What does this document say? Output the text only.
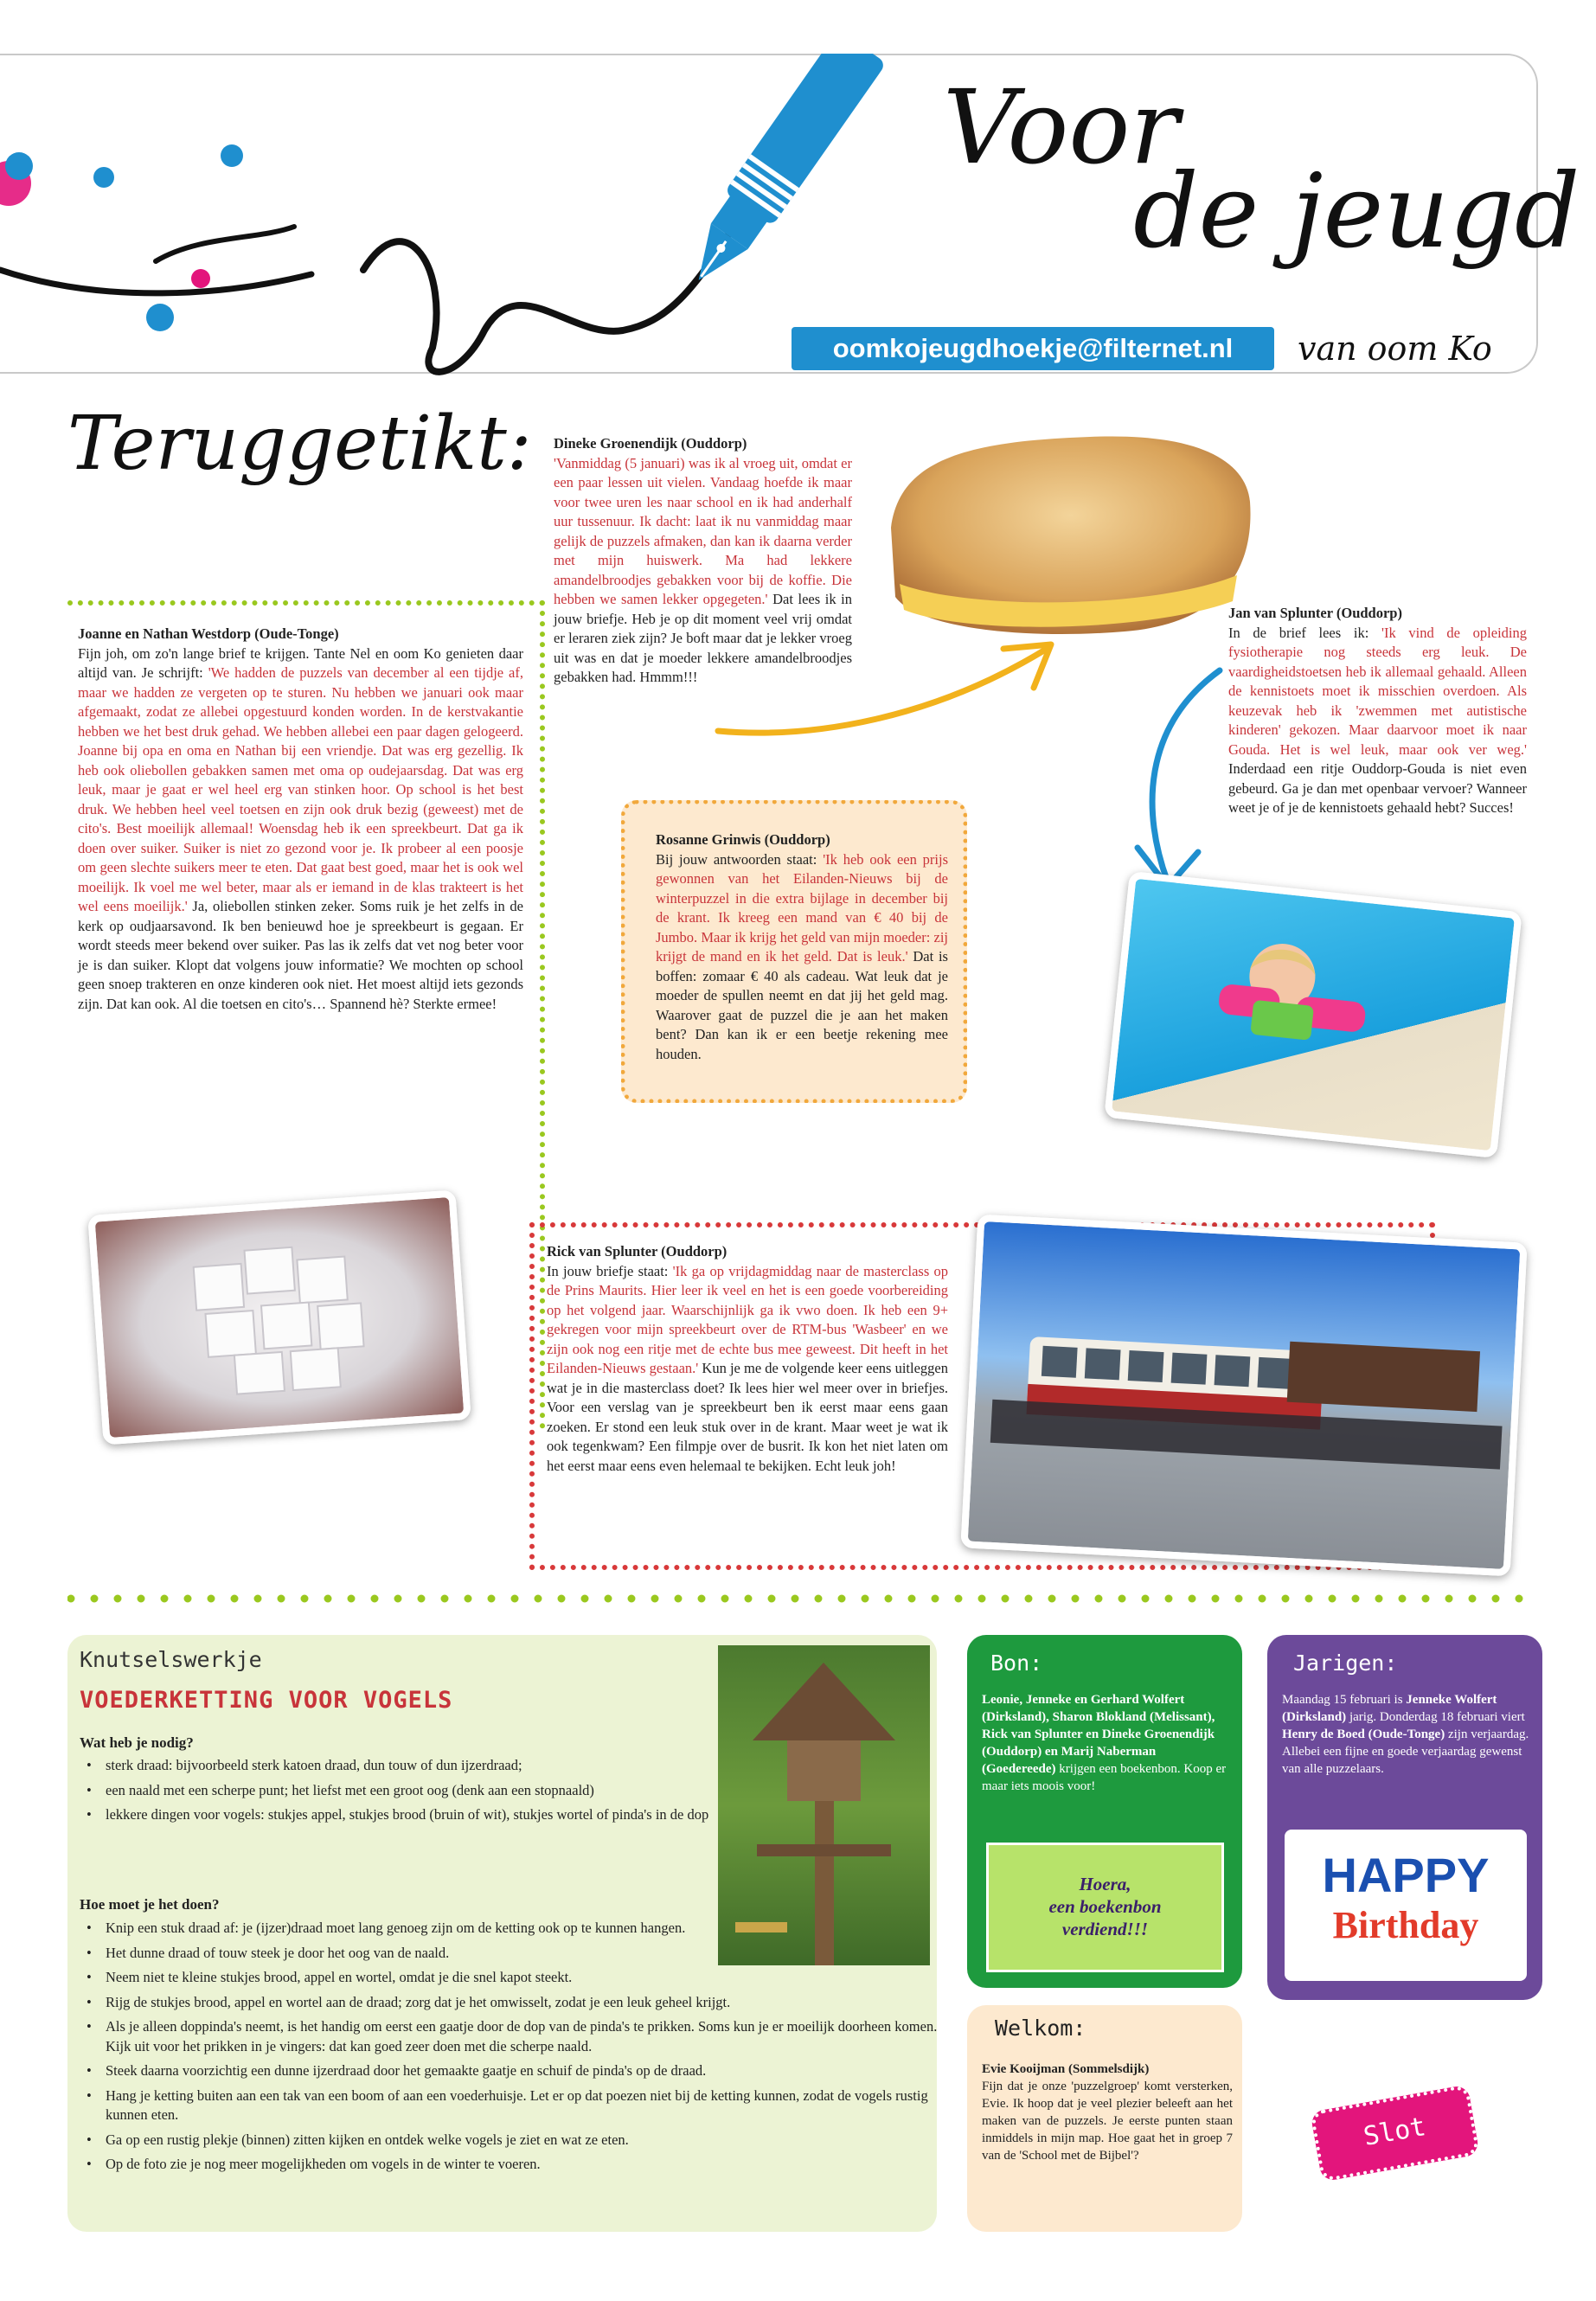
Voor
de jeugd
oomkojeugdhoekje@filternet.nl	van oom Ko
Teruggetikt:
Joanne en Nathan Westdorp (Oude-Tonge)
Fijn joh, om zo'n lange brief te krijgen. Tante Nel en oom Ko genieten daar altijd van. Je schrijft: 'We hadden de puzzels van december al een tijdje af, maar we hadden ze vergeten op te sturen. Nu hebben we januari ook maar afgemaakt, zodat ze allebei opgestuurd konden worden. In de kerstvakantie hebben we het best druk gehad. We hebben allebei een paar dagen gelogeerd. Joanne bij opa en oma en Nathan bij een vriendje. Dat was erg gezellig. Ik heb ook oliebollen gebakken samen met oma op oudejaarsdag. Dat was erg leuk, maar je gaat er wel heel erg van stinken hoor. Op school is het best druk. We hebben heel veel toetsen en zijn ook druk bezig (geweest) met de cito's. Best moeilijk allemaal! Woensdag heb ik een spreekbeurt. Dat ga ik doen over suiker. Suiker is niet zo gezond voor je. Ik probeer al een poosje om geen slechte suikers meer te eten. Dat gaat best goed, maar het is ook wel moeilijk. Ik voel me wel beter, maar als er iemand in de klas trakteert is het wel eens moeilijk.' Ja, oliebollen stinken zeker. Soms ruik je het zelfs in de kerk op oudjaarsavond. Ik ben benieuwd hoe je spreekbeurt is gegaan. Er wordt steeds meer bekend over suiker. Pas las ik zelfs dat vet nog beter voor je is dan suiker. Klopt dat volgens jouw informatie? We mochten op school geen snoep trakteren en onze kinderen ook niet. Het moest altijd iets gezonds zijn. Dat kan ook. Al die toetsen en cito's… Spannend hè? Sterkte ermee!
Dineke Groenendijk (Ouddorp)
'Vanmiddag (5 januari) was ik al vroeg uit, omdat er een paar lessen uit vielen. Vandaag hoefde ik maar voor twee uren les naar school en ik had anderhalf uur tussenuur. Ik dacht: laat ik nu vanmiddag maar gelijk de puzzels afmaken, dan kan ik daarna verder met mijn huiswerk. Ma had lekkere amandelbroodjes gebakken voor bij de koffie. Die hebben we samen lekker opgegeten.' Dat lees ik in jouw briefje. Heb je op dit moment veel vrij omdat er leraren ziek zijn? Je boft maar dat je lekker vroeg uit was en dat je moeder lekkere amandelbroodjes gebakken had. Hmmm!!!
Rosanne Grinwis (Ouddorp)
Bij jouw antwoorden staat: 'Ik heb ook een prijs gewonnen van het Eilanden-Nieuws bij de winterpuzzel in die extra bijlage in december bij de krant. Ik kreeg een mand van € 40 bij de Jumbo. Maar ik krijg het geld van mijn moeder: zij krijgt de mand en ik het geld. Dat is leuk.' Dat is boffen: zomaar € 40 als cadeau. Wat leuk dat je moeder de spullen neemt en dat jij het geld mag. Waarover gaat de puzzel die je aan het maken bent? Dan kan ik er een beetje rekening mee houden.
Jan van Splunter (Ouddorp)
In de brief lees ik: 'Ik vind de opleiding fysiotherapie nog steeds erg leuk. De vaardigheidstoetsen heb ik allemaal gehaald. Alleen de kennistoets moet ik misschien overdoen. Als keuzevak heb ik 'zwemmen met autistische kinderen' gekozen. Maar daarvoor moet ik naar Gouda. Het is wel leuk, maar ook ver weg.' Inderdaad een ritje Ouddorp-Gouda is niet even gebeurd. Ga je dan met openbaar vervoer? Wanneer weet je of je de kennistoets gehaald hebt? Succes!
Rick van Splunter (Ouddorp)
In jouw briefje staat: 'Ik ga op vrijdagmiddag naar de masterclass op de Prins Maurits. Hier leer ik veel en het is een goede voorbereiding op het volgend jaar. Waarschijnlijk ga ik vwo doen. Ik heb een 9+ gekregen voor mijn spreekbeurt over de RTM-bus 'Wasbeer' en we zijn ook nog een ritje met de echte bus mee geweest. Dit heeft in het Eilanden-Nieuws gestaan.' Kun je me de volgende keer eens uitleggen wat je in die masterclass doet? Ik lees hier wel meer over in briefjes. Voor een verslag van je spreekbeurt ben ik eerst maar eens gaan zoeken. Er stond een leuk stuk over in de krant. Maar weet je wat ik ook tegenkwam? Een filmpje over de busrit. Ik kon het niet laten om het eerst maar eens even helemaal te bekijken. Echt leuk joh!
Knutselswerkje
VOEDERKETTING VOOR VOGELS
Wat heb je nodig?
• sterk draad: bijvoorbeeld sterk katoen draad, dun touw of dun ijzerdraad;
• een naald met een scherpe punt; het liefst met een groot oog (denk aan een stopnaald)
• lekkere dingen voor vogels: stukjes appel, stukjes brood (bruin of wit), stukjes wortel of pinda's in de dop
Hoe moet je het doen?
• Knip een stuk draad af: je (ijzer)draad moet lang genoeg zijn om de ketting ook op te kunnen hangen.
• Het dunne draad of touw steek je door het oog van de naald.
• Neem niet te kleine stukjes brood, appel en wortel, omdat je die snel kapot steekt.
• Rijg de stukjes brood, appel en wortel aan de draad; zorg dat je het omwisselt, zodat je een leuk geheel krijgt.
• Als je alleen doppinda's neemt, is het handig om eerst een gaatje door de dop van de pinda's te prikken. Soms kun je er moeilijk doorheen komen. Kijk uit voor het prikken in je vingers: dat kan goed zeer doen met die scherpe naald.
• Steek daarna voorzichtig een dunne ijzerdraad door het gemaakte gaatje en schuif de pinda's op de draad.
• Hang je ketting buiten aan een tak van een boom of aan een voederhuisje. Let er op dat poezen niet bij de ketting kunnen, zodat de vogels rustig kunnen eten.
• Ga op een rustig plekje (binnen) zitten kijken en ontdek welke vogels je ziet en wat ze eten.
• Op de foto zie je nog meer mogelijkheden om vogels in de winter te voeren.
Bon:
Leonie, Jenneke en Gerhard Wolfert (Dirksland), Sharon Blokland (Melissant), Rick van Splunter en Dineke Groenendijk (Ouddorp) en Marij Naberman (Goedereede) krijgen een boekenbon. Koop er maar iets moois voor!
Hoera,
een boekenbon
verdiend!!!
Jarigen:
Maandag 15 februari is Jenneke Wolfert (Dirksland) jarig. Donderdag 18 februari viert Henry de Boed (Oude-Tonge) zijn verjaardag. Allebei een fijne en goede verjaardag gewenst van alle puzzelaars.
HAPPY
Birthday
Welkom:
Evie Kooijman (Sommelsdijk)
Fijn dat je onze 'puzzelgroep' komt versterken, Evie. Ik hoop dat je veel plezier beleeft aan het maken van de puzzels. Je eerste punten staan inmiddels in mijn map. Hoe gaat het in groep 7 van de 'School met de Bijbel'?
Slot
